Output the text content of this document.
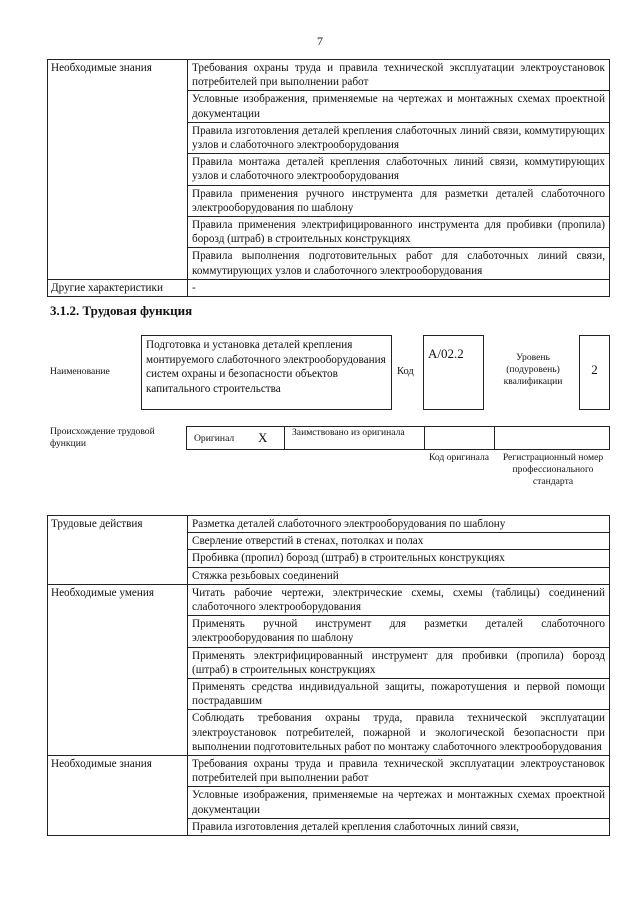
7
Необходимые знания	Требования охраны труда и правила технической эксплуатации электроустановок потребителей при выполнении работ
	Условные изображения, применяемые на чертежах и монтажных схемах проектной документации
	Правила изготовления деталей крепления слаботочных линий связи, коммутирующих узлов и слаботочного электрооборудования
	Правила монтажа деталей крепления слаботочных линий связи, коммутирующих узлов и слаботочного электрооборудования
	Правила применения ручного инструмента для разметки деталей слаботочного электрооборудования по шаблону
	Правила применения электрифицированного инструмента для пробивки (пропила) борозд (штраб) в строительных конструкциях
	Правила выполнения подготовительных работ для слаботочных линий связи, коммутирующих узлов и слаботочного электрооборудования
Другие характеристики	-
3.1.2. Трудовая функция
Наименование
Подготовка и установка деталей крепления монтируемого слаботочного электрооборудования систем охраны и безопасности объектов капитального строительства
Код
А/02.2	Уровень (подуровень) квалификации
2
Происхождение трудовой функции	Оригинал X	Заимствовано из оригинала
Код оригинала Регистрационный номер профессионального стандарта
Трудовые действия	Разметка деталей слаботочного электрооборудования по шаблону
	Сверление отверстий в стенах, потолках и полах
	Пробивка (пропил) борозд (штраб) в строительных конструкциях
	Стяжка резьбовых соединений
Необходимые умения	Читать рабочие чертежи, электрические схемы, схемы (таблицы) соединений слаботочного электрооборудования
	Применять ручной инструмент для разметки деталей слаботочного электрооборудования по шаблону
	Применять электрифицированный инструмент для пробивки (пропила) борозд (штраб) в строительных конструкциях
	Применять средства индивидуальной защиты, пожаротушения и первой помощи пострадавшим
	Соблюдать требования охраны труда, правила технической эксплуатации электроустановок потребителей, пожарной и экологической безопасности при выполнении подготовительных работ по монтажу слаботочного электрооборудования
Необходимые знания	Требования охраны труда и правила технической эксплуатации электроустановок потребителей при выполнении работ
	Условные изображения, применяемые на чертежах и монтажных схемах проектной документации
	Правила изготовления деталей крепления слаботочных линий связи,
